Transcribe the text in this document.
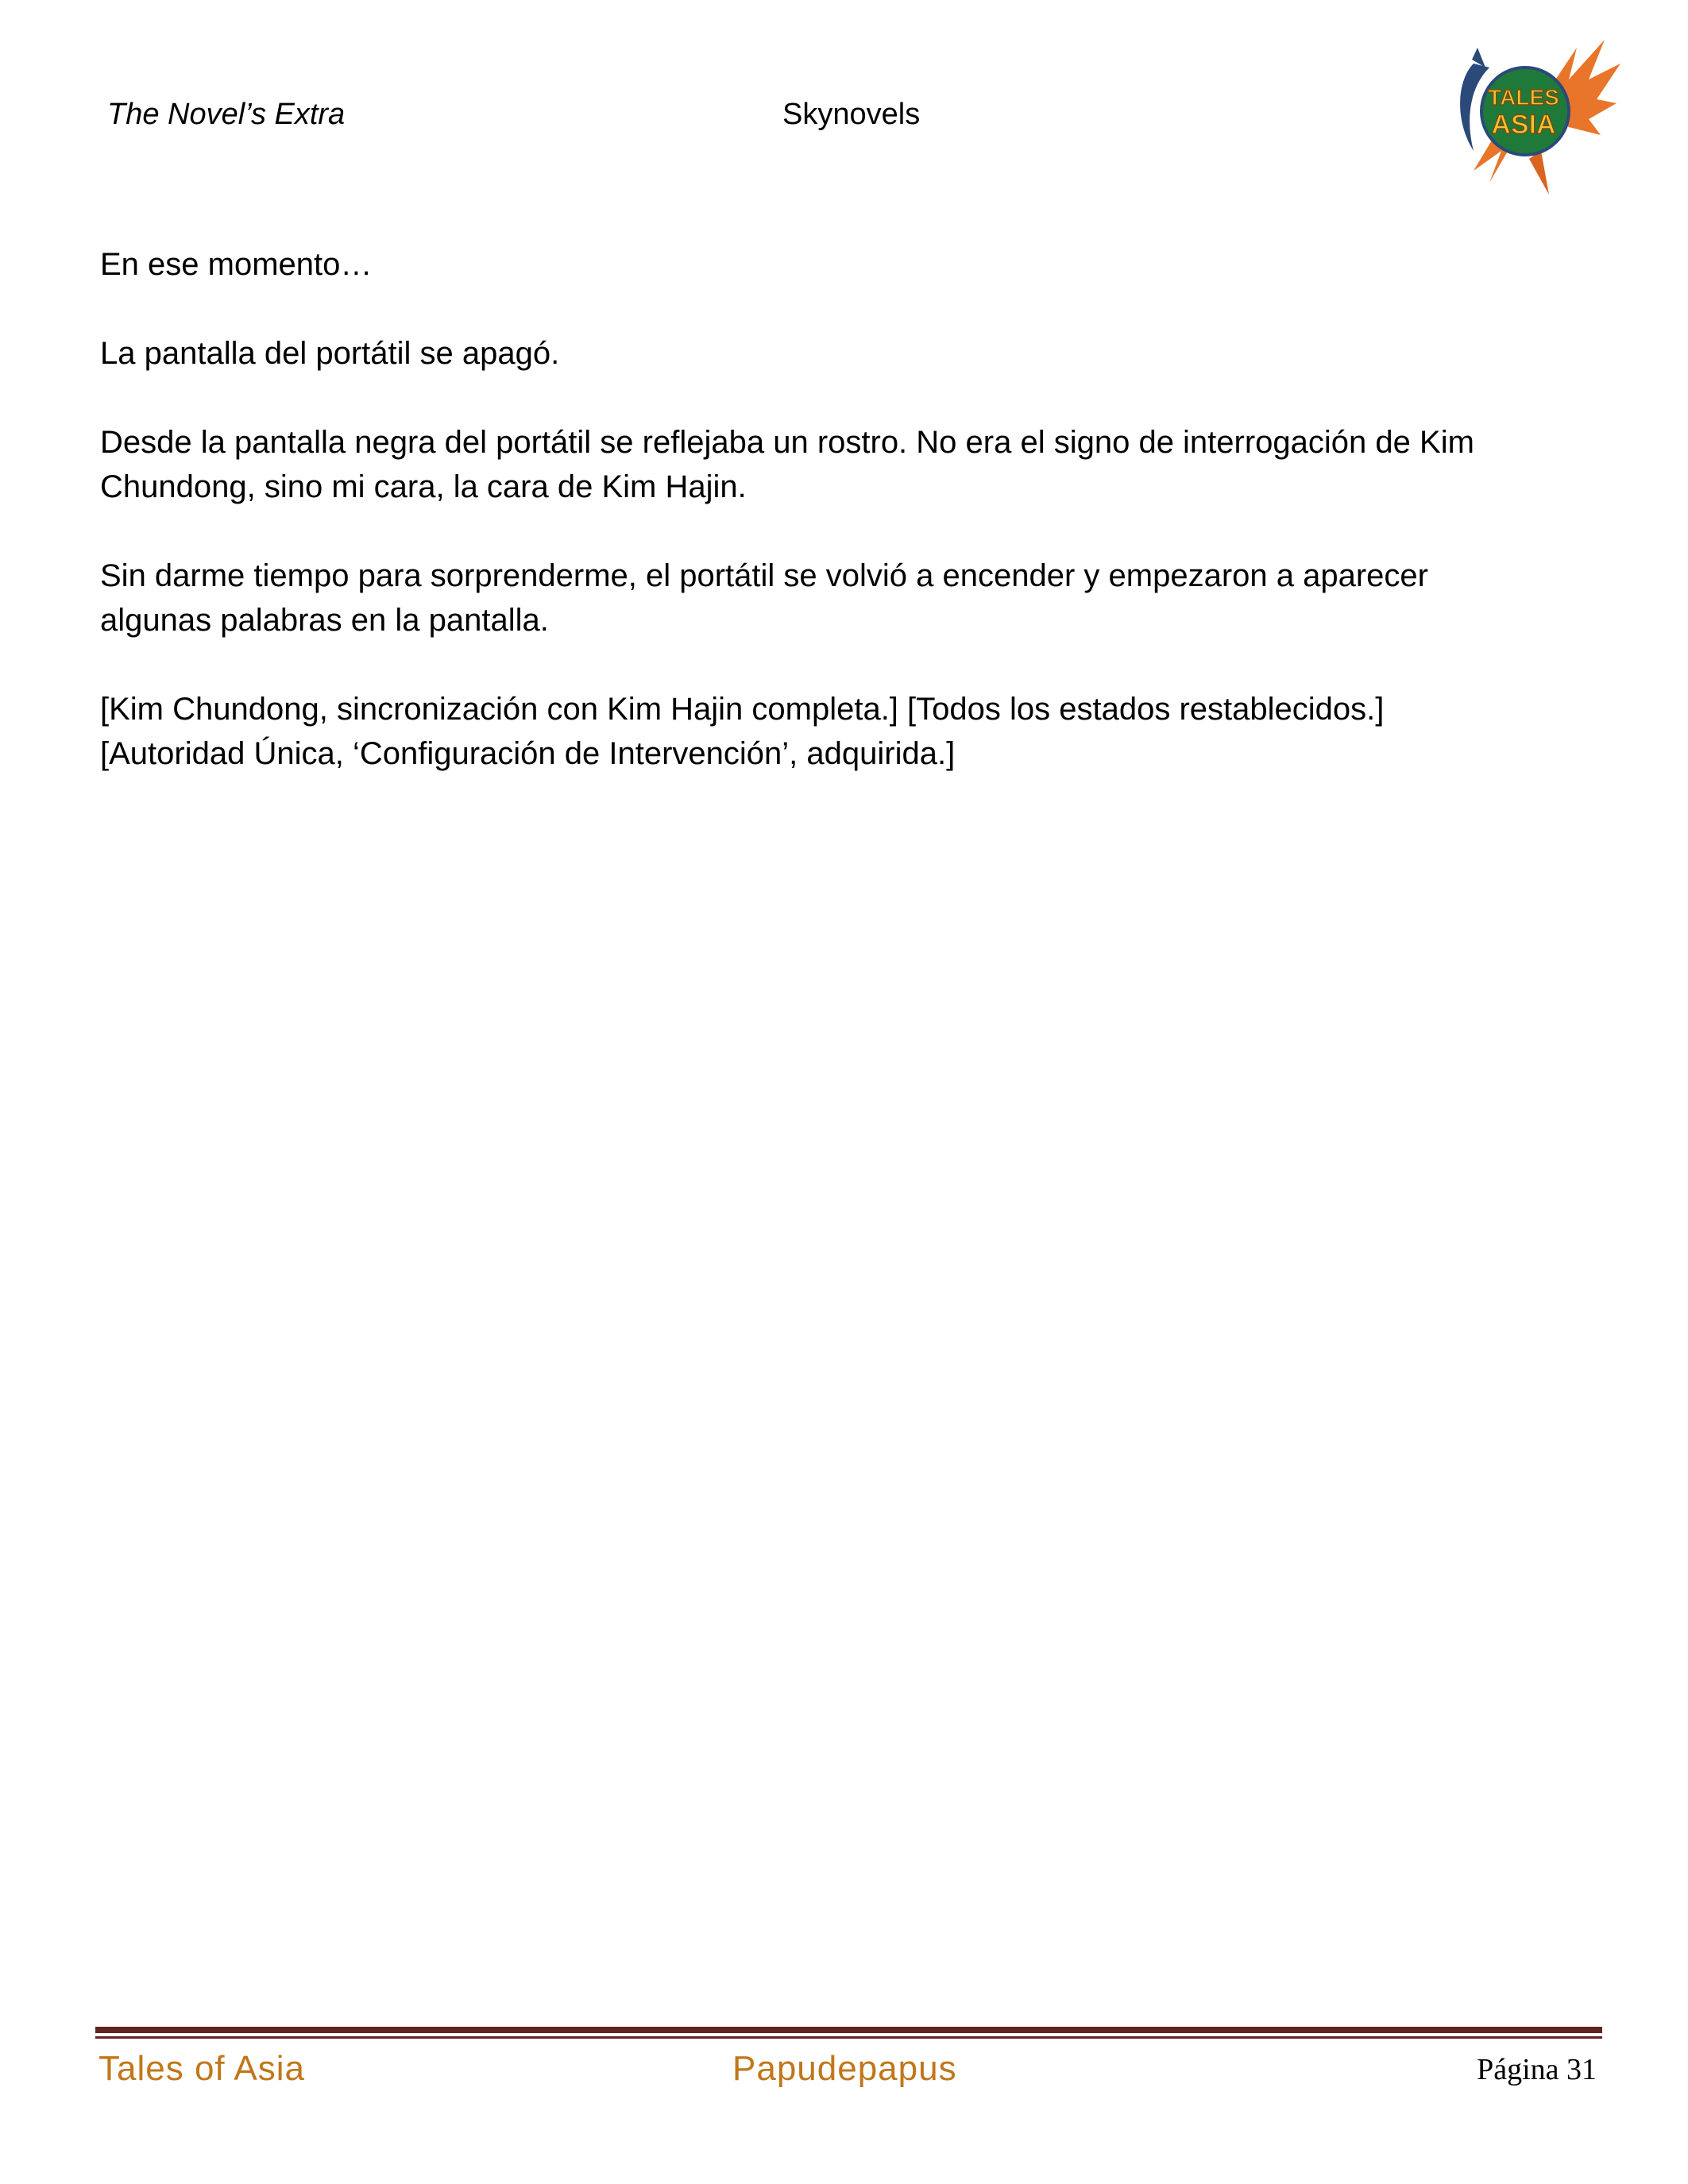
The Novel’s Extra	Skynovels
TALES
ASIA

En ese momento…

La pantalla del portátil se apagó.

Desde la pantalla negra del portátil se reflejaba un rostro. No era el signo de interrogación de Kim
Chundong, sino mi cara, la cara de Kim Hajin.

Sin darme tiempo para sorprenderme, el portátil se volvió a encender y empezaron a aparecer
algunas palabras en la pantalla.

[Kim Chundong, sincronización con Kim Hajin completa.] [Todos los estados restablecidos.]
[Autoridad Única, ‘Configuración de Intervención’, adquirida.]

Tales of Asia	Papudepapus	Página 31
